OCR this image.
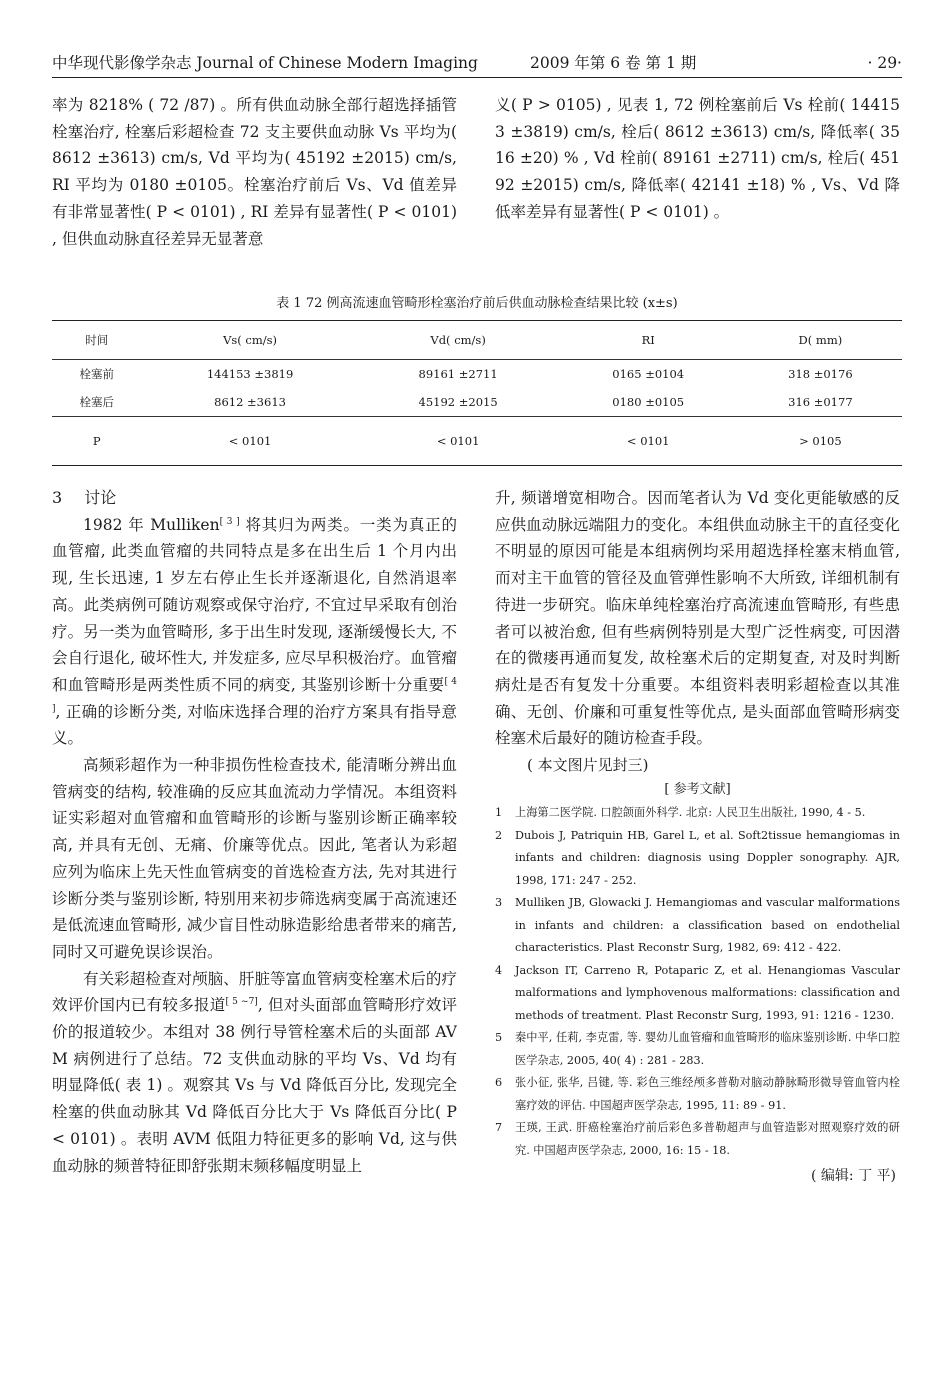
中华现代影像学杂志 Journal of Chinese Modern Imaging	2009 年第 6 卷 第 1 期	· 29·

率为 8218% ( 72 /87) 。所有供血动脉全部行超选择插管栓塞治疗, 栓塞后彩超检查 72 支主要供血动脉 Vs 平均为( 8612 ±3613) cm/s, Vd 平均为( 45192 ±2015) cm/s, RI 平均为 0180 ±0105。栓塞治疗前后 Vs、Vd 值差异有非常显著性( P < 0101) , RI 差异有显著性( P < 0101) , 但供血动脉直径差异无显著意

义( P > 0105) , 见表 1, 72 例栓塞前后 Vs 栓前( 144153 ±3819) cm/s, 栓后( 8612 ±3613) cm/s, 降低率( 3516 ±20) % , Vd 栓前( 89161 ±2711) cm/s, 栓后( 45192 ±2015) cm/s, 降低率( 42141 ±18) % , Vs、Vd 降低率差异有显著性( P < 0101) 。

表 1 72 例高流速血管畸形栓塞治疗前后供血动脉检查结果比较 (x±s)
时间	Vs( cm/s)	Vd( cm/s)	RI	D( mm)
栓塞前	144153 ±3819	89161 ±2711	0165 ±0104	318 ±0176
栓塞后	8612 ±3613	45192 ±2015	0180 ±0105	316 ±0177
P	< 0101	< 0101	< 0101	> 0105

3 讨论

1982 年 Mulliken[ 3 ] 将其归为两类。一类为真正的血管瘤, 此类血管瘤的共同特点是多在出生后 1 个月内出现, 生长迅速, 1 岁左右停止生长并逐渐退化, 自然消退率高。此类病例可随访观察或保守治疗, 不宜过早采取有创治疗。另一类为血管畸形, 多于出生时发现, 逐渐缓慢长大, 不会自行退化, 破坏性大, 并发症多, 应尽早积极治疗。血管瘤和血管畸形是两类性质不同的病变, 其鉴别诊断十分重要[ 4 ], 正确的诊断分类, 对临床选择合理的治疗方案具有指导意义。

高频彩超作为一种非损伤性检查技术, 能清晰分辨出血管病变的结构, 较准确的反应其血流动力学情况。本组资料证实彩超对血管瘤和血管畸形的诊断与鉴别诊断正确率较高, 并具有无创、无痛、价廉等优点。因此, 笔者认为彩超应列为临床上先天性血管病变的首选检查方法, 先对其进行诊断分类与鉴别诊断, 特别用来初步筛选病变属于高流速还是低流速血管畸形, 减少盲目性动脉造影给患者带来的痛苦, 同时又可避免误诊误治。

有关彩超检查对颅脑、肝脏等富血管病变栓塞术后的疗效评价国内已有较多报道[ 5 ~7], 但对头面部血管畸形疗效评价的报道较少。本组对 38 例行导管栓塞术后的头面部 AVM 病例进行了总结。72 支供血动脉的平均 Vs、Vd 均有明显降低( 表 1) 。观察其 Vs 与 Vd 降低百分比, 发现完全栓塞的供血动脉其 Vd 降低百分比大于 Vs 降低百分比( P < 0101) 。表明 AVM 低阻力特征更多的影响 Vd, 这与供血动脉的频普特征即舒张期末频移幅度明显上

升, 频谱增宽相吻合。因而笔者认为 Vd 变化更能敏感的反应供血动脉远端阻力的变化。本组供血动脉主干的直径变化不明显的原因可能是本组病例均采用超选择栓塞末梢血管, 而对主干血管的管径及血管弹性影响不大所致, 详细机制有待进一步研究。临床单纯栓塞治疗高流速血管畸形, 有些患者可以被治愈, 但有些病例特别是大型广泛性病变, 可因潜在的微瘘再通而复发, 故栓塞术后的定期复查, 对及时判断病灶是否有复发十分重要。本组资料表明彩超检查以其准确、无创、价廉和可重复性等优点, 是头面部血管畸形病变栓塞术后最好的随访检查手段。

( 本文图片见封三)

[ 参考文献]

1 上海第二医学院. 口腔颌面外科学. 北京: 人民卫生出版社, 1990, 4 - 5.
2 Dubois J, Patriquin HB, Garel L, et al. Soft2tissue hemangiomas in infants and children: diagnosis using Doppler sonography. AJR, 1998, 171: 247 - 252.
3 Mulliken JB, Glowacki J. Hemangiomas and vascular malformations in infants and children: a classification based on endothelial characteristics. Plast Reconstr Surg, 1982, 69: 412 - 422.
4 Jackson IT, Carreno R, Potaparic Z, et al. Henangiomas Vascular malformations and lymphovenous malformations: classification and methods of treatment. Plast Reconstr Surg, 1993, 91: 1216 - 1230.
5 秦中平, 任莉, 李克雷, 等. 婴幼儿血管瘤和血管畸形的临床鉴别诊断. 中华口腔医学杂志, 2005, 40( 4) : 281 - 283.
6 张小征, 张华, 吕键, 等. 彩色三维经颅多普勒对脑动静脉畸形微导管血管内栓塞疗效的评估. 中国超声医学杂志, 1995, 11: 89 - 91.
7 王瑛, 王武. 肝癌栓塞治疗前后彩色多普勒超声与血管造影对照观察疗效的研究. 中国超声医学杂志, 2000, 16: 15 - 18.

( 编辑: 丁 平)
